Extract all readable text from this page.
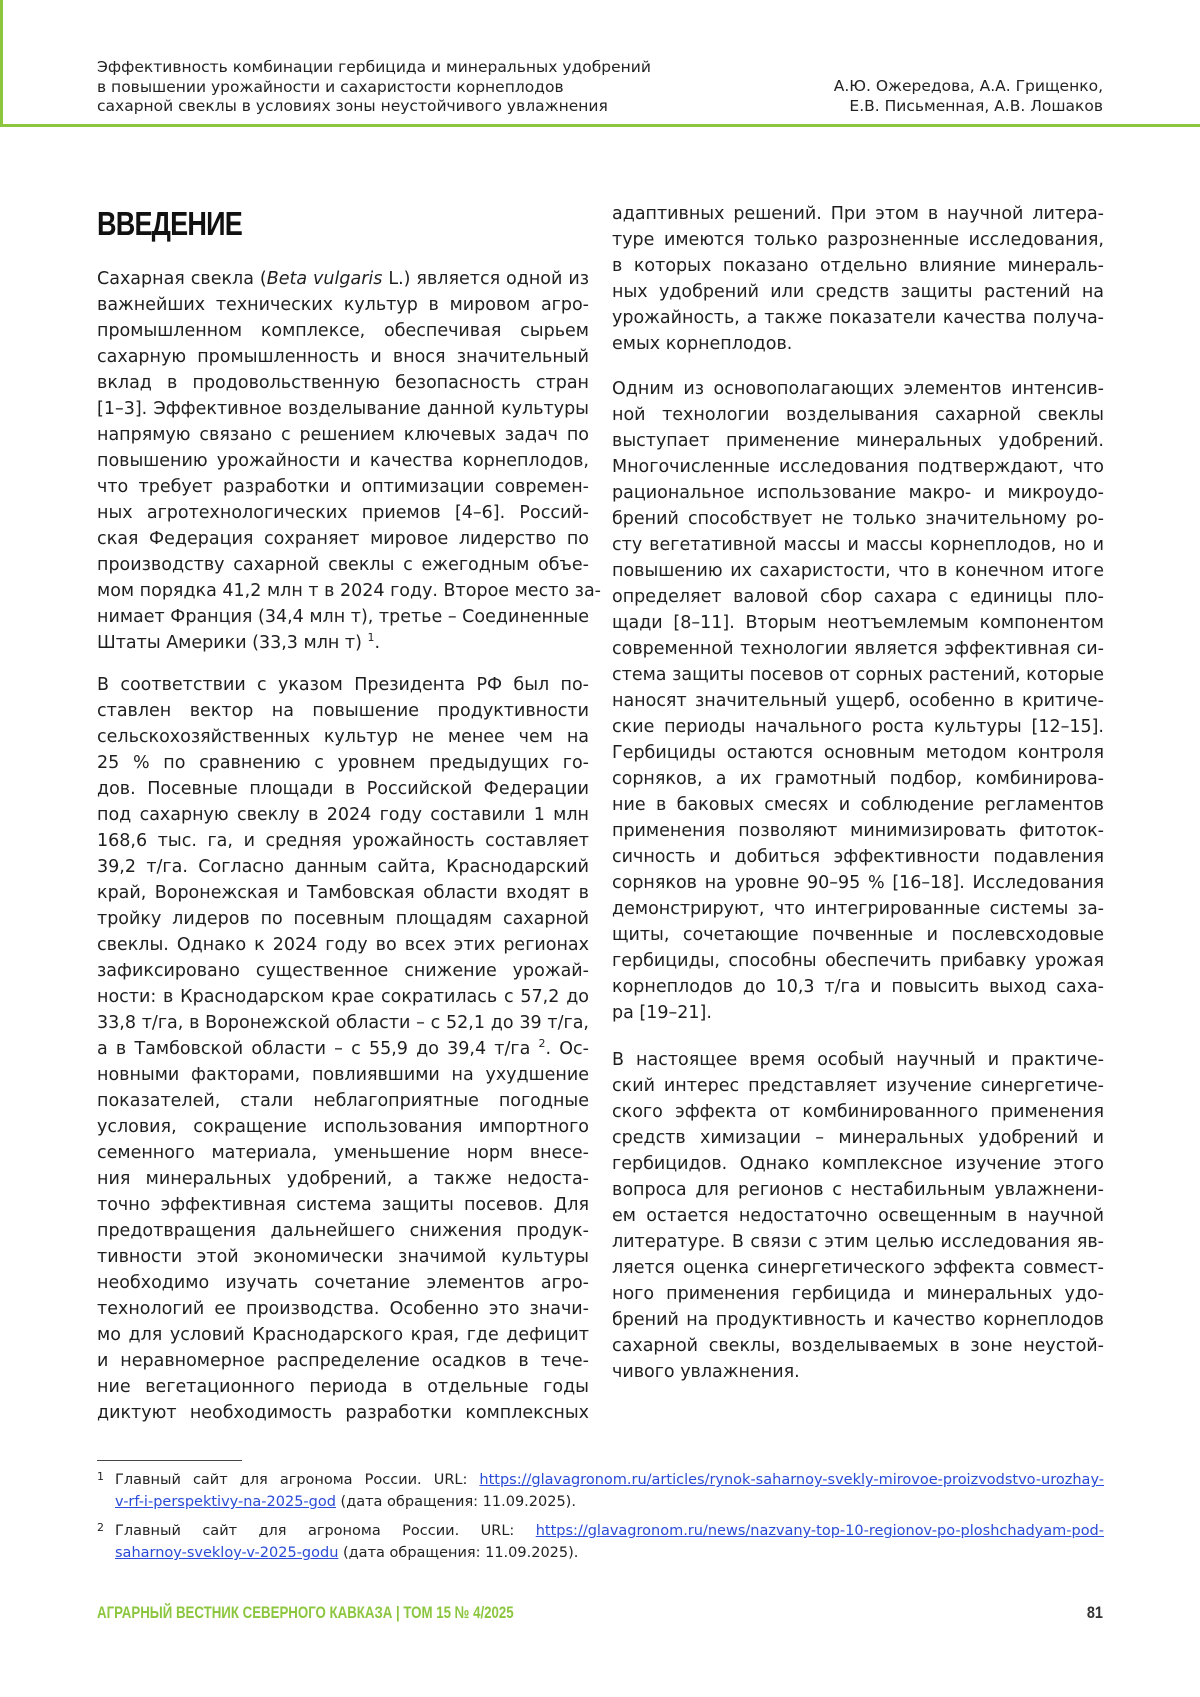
Эффективность комбинации гербицида и минеральных удобрений
в повышении урожайности и сахаристости корнеплодов
сахарной свеклы в условиях зоны неустойчивого увлажнения
А.Ю. Ожередова, А.А. Грищенко,
Е.В. Письменная, А.В. Лошаков
ВВЕДЕНИЕ
Сахарная свекла (Beta vulgaris L.) является одной из
важнейших технических культур в мировом агро-
промышленном комплексе, обеспечивая сырьем
сахарную промышленность и внося значительный
вклад в продовольственную безопасность стран
[1–3]. Эффективное возделывание данной культуры
напрямую связано с решением ключевых задач по
повышению урожайности и качества корнеплодов,
что требует разработки и оптимизации современ-
ных агротехнологических приемов [4–6]. Россий-
ская Федерация сохраняет мировое лидерство по
производству сахарной свеклы с ежегодным объе-
мом порядка 41,2 млн т в 2024 году. Второе место за-
нимает Франция (34,4 млн т), третье – Соединенные
Штаты Америки (33,3 млн т) $^1$.
В соответствии с указом Президента РФ был по-
ставлен вектор на повышение продуктивности
сельскохозяйственных культур не менее чем на
25 % по сравнению с уровнем предыдущих го-
дов. Посевные площади в Российской Федерации
под сахарную свеклу в 2024 году составили 1 млн
168,6 тыс. га, и средняя урожайность составляет
39,2 т/га. Согласно данным сайта, Краснодарский
край, Воронежская и Тамбовская области входят в
тройку лидеров по посевным площадям сахарной
свеклы. Однако к 2024 году во всех этих регионах
зафиксировано существенное снижение урожай-
ности: в Краснодарском крае сократилась с 57,2 до
33,8 т/га, в Воронежской области – с 52,1 до 39 т/га,
а в Тамбовской области – с 55,9 до 39,4 т/га $^2$. Ос-
новными факторами, повлиявшими на ухудшение
показателей, стали неблагоприятные погодные
условия, сокращение использования импортного
семенного материала, уменьшение норм внесе-
ния минеральных удобрений, а также недоста-
точно эффективная система защиты посевов. Для
предотвращения дальнейшего снижения продук-
тивности этой экономически значимой культуры
необходимо изучать сочетание элементов агро-
технологий ее производства. Особенно это значи-
мо для условий Краснодарского края, где дефицит
и неравномерное распределение осадков в тече-
ние вегетационного периода в отдельные годы
диктуют необходимость разработки комплексных
адаптивных решений. При этом в научной литера-
туре имеются только разрозненные исследования,
в которых показано отдельно влияние минераль-
ных удобрений или средств защиты растений на
урожайность, а также показатели качества получа-
емых корнеплодов.
Одним из основополагающих элементов интенсив-
ной технологии возделывания сахарной свеклы
выступает применение минеральных удобрений.
Многочисленные исследования подтверждают, что
рациональное использование макро- и микроудо-
брений способствует не только значительному ро-
сту вегетативной массы и массы корнеплодов, но и
повышению их сахаристости, что в конечном итоге
определяет валовой сбор сахара с единицы пло-
щади [8–11]. Вторым неотъемлемым компонентом
современной технологии является эффективная си-
стема защиты посевов от сорных растений, которые
наносят значительный ущерб, особенно в критиче-
ские периоды начального роста культуры [12–15].
Гербициды остаются основным методом контроля
сорняков, а их грамотный подбор, комбинирова-
ние в баковых смесях и соблюдение регламентов
применения позволяют минимизировать фитоток-
сичность и добиться эффективности подавления
сорняков на уровне 90–95 % [16–18]. Исследования
демонстрируют, что интегрированные системы за-
щиты, сочетающие почвенные и послевсходовые
гербициды, способны обеспечить прибавку урожая
корнеплодов до 10,3 т/га и повысить выход саха-
ра [19–21].
В настоящее время особый научный и практиче-
ский интерес представляет изучение синергетиче-
ского эффекта от комбинированного применения
средств химизации – минеральных удобрений и
гербицидов. Однако комплексное изучение этого
вопроса для регионов с нестабильным увлажнени-
ем остается недостаточно освещенным в научной
литературе. В связи с этим целью исследования яв-
ляется оценка синергетического эффекта совмест-
ного применения гербицида и минеральных удо-
брений на продуктивность и качество корнеплодов
сахарной свеклы, возделываемых в зоне неустой-
чивого увлажнения.
1 Главный сайт для агронома России. URL: https://glavagronom.ru/articles/rynok-saharnoy-svekly-mirovoe-proizvodstvo-urozhay-
v-rf-i-perspektivy-na-2025-god (дата обращения: 11.09.2025).
2 Главный сайт для агронома России. URL: https://glavagronom.ru/news/nazvany-top-10-regionov-po-ploshchadyam-pod-
saharnoy-svekloy-v-2025-godu (дата обращения: 11.09.2025).

АГРАРНЫЙ ВЕСТНИК СЕВЕРНОГО КАВКАЗА | ТОМ 15 № 4/2025	81
